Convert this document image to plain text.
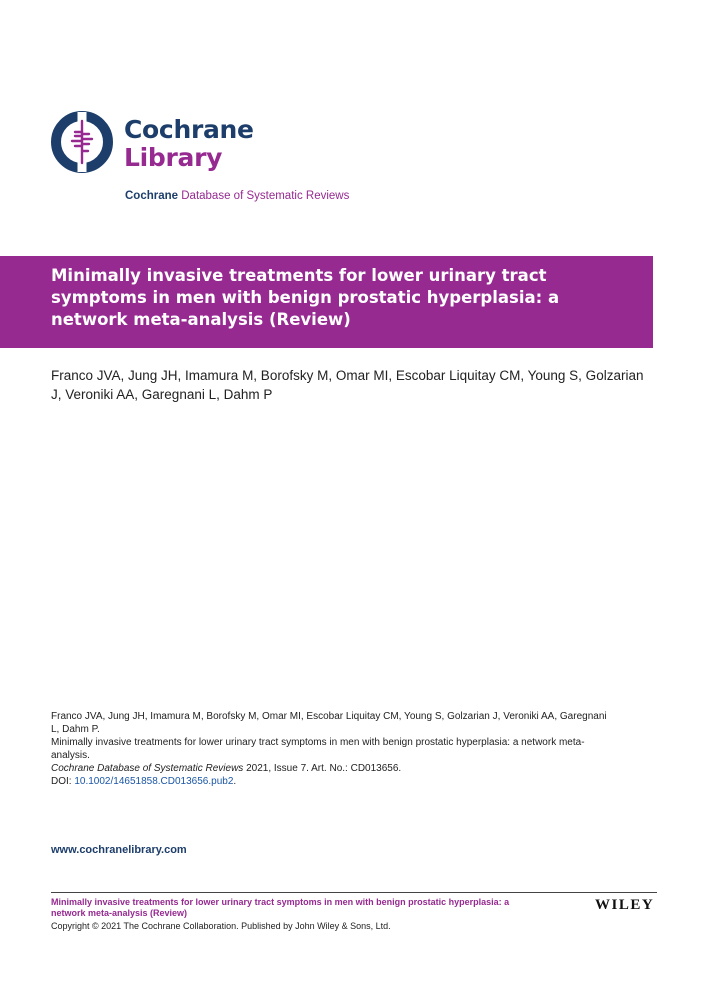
Cochrane
Library
Cochrane Database of Systematic Reviews
Minimally invasive treatments for lower urinary tract symptoms in men with benign prostatic hyperplasia: a network meta-analysis (Review)
Franco JVA, Jung JH, Imamura M, Borofsky M, Omar MI, Escobar Liquitay CM, Young S, Golzarian J, Veroniki AA, Garegnani L, Dahm P

Franco JVA, Jung JH, Imamura M, Borofsky M, Omar MI, Escobar Liquitay CM, Young S, Golzarian J, Veroniki AA, Garegnani L, Dahm P.

Minimally invasive treatments for lower urinary tract symptoms in men with benign prostatic hyperplasia: a network meta-analysis.

Cochrane Database of Systematic Reviews 2021, Issue 7. Art. No.: CD013656.

DOI: 10.1002/14651858.CD013656.pub2.

www.cochranelibrary.com
Minimally invasive treatments for lower urinary tract symptoms in men with benign prostatic hyperplasia: a network meta-analysis (Review)	WILEY
Copyright © 2021 The Cochrane Collaboration. Published by John Wiley & Sons, Ltd.
